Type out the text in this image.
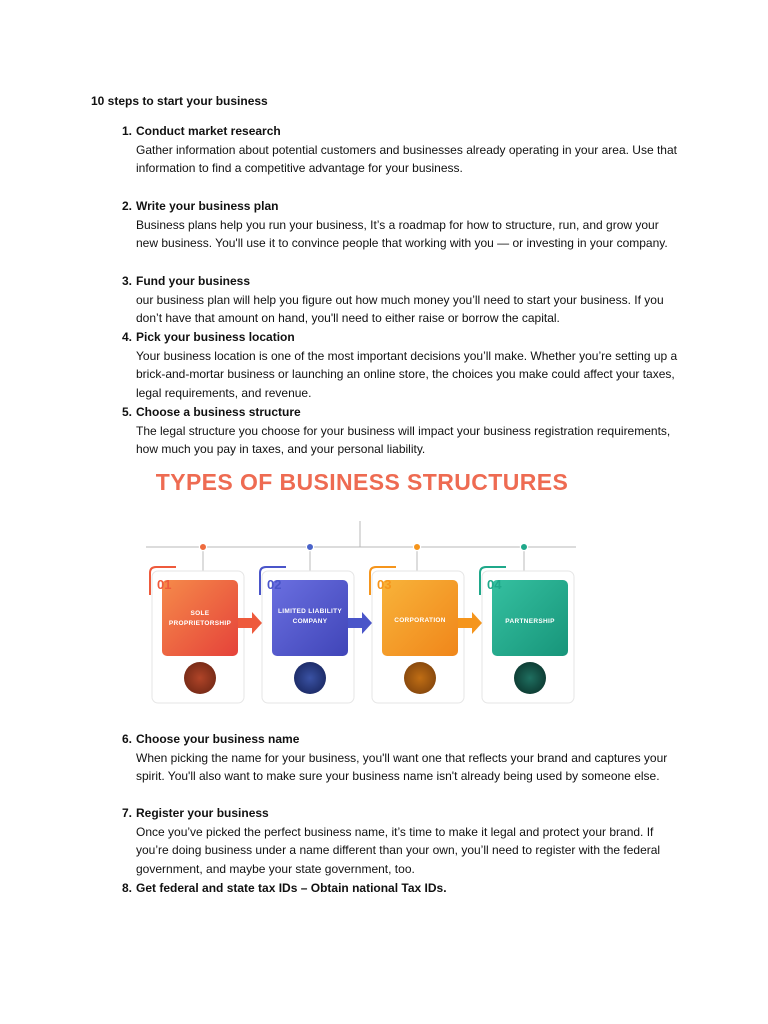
10 steps to start your business
1. Conduct market research
Gather information about potential customers and businesses already operating in your area. Use that information to find a competitive advantage for your business.
2. Write your business plan
Business plans help you run your business, It’s a roadmap for how to structure, run, and grow your new business. You'll use it to convince people that working with you — or investing in your company.
3. Fund your business
our business plan will help you figure out how much money you’ll need to start your business. If you don’t have that amount on hand, you'll need to either raise or borrow the capital.
4. Pick your business location
Your business location is one of the most important decisions you’ll make. Whether you’re setting up a brick-and-mortar business or launching an online store, the choices you make could affect your taxes, legal requirements, and revenue.
5. Choose a business structure
The legal structure you choose for your business will impact your business registration requirements, how much you pay in taxes, and your personal liability.
6. Choose your business name
When picking the name for your business, you'll want one that reflects your brand and captures your spirit. You'll also want to make sure your business name isn't already being used by someone else.
7. Register your business
Once you’ve picked the perfect business name, it’s time to make it legal and protect your brand. If you’re doing business under a name different than your own, you’ll need to register with the federal government, and maybe your state government, too.
8. Get federal and state tax IDs – Obtain national Tax IDs.
TYPES OF BUSINESS STRUCTURES
01	02	03	04
SOLE
PROPRIETORSHIP
LIMITED LIABILITY
COMPANY	CORPORATION	PARTNERSHIP
